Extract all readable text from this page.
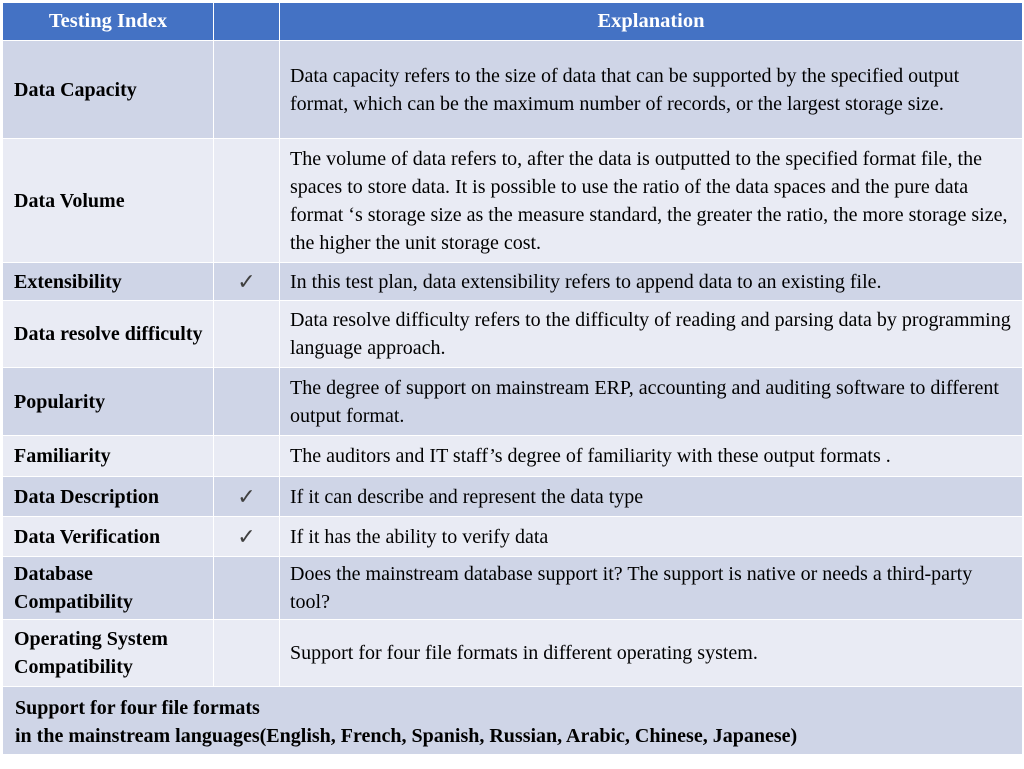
Testing Index		Explanation
Data Capacity		Data capacity refers to the size of data that can be supported by the specified output format, which can be the maximum number of records, or the largest storage size.
Data Volume		The volume of data refers to, after the data is outputted to the specified format file, the spaces to store data. It is possible to use the ratio of the data spaces and the pure data format ‘s storage size as the measure standard, the greater the ratio, the more storage size, the higher the unit storage cost.
Extensibility	✓	In this test plan, data extensibility refers to append data to an existing file.
Data resolve difficulty		Data resolve difficulty refers to the difficulty of reading and parsing data by programming language approach.
Popularity		The degree of support on mainstream ERP, accounting and auditing software to different output format.
Familiarity		The auditors and IT staff’s degree of familiarity with these output formats .
Data Description	✓	If it can describe and represent the data type
Data Verification	✓	If it has the ability to verify data
Database Compatibility		Does the mainstream database support it? The support is native or needs a third-party tool?
Operating System Compatibility		Support for four file formats in different operating system.

Support for four file formats
in the mainstream languages(English, French, Spanish, Russian, Arabic, Chinese, Japanese)		
